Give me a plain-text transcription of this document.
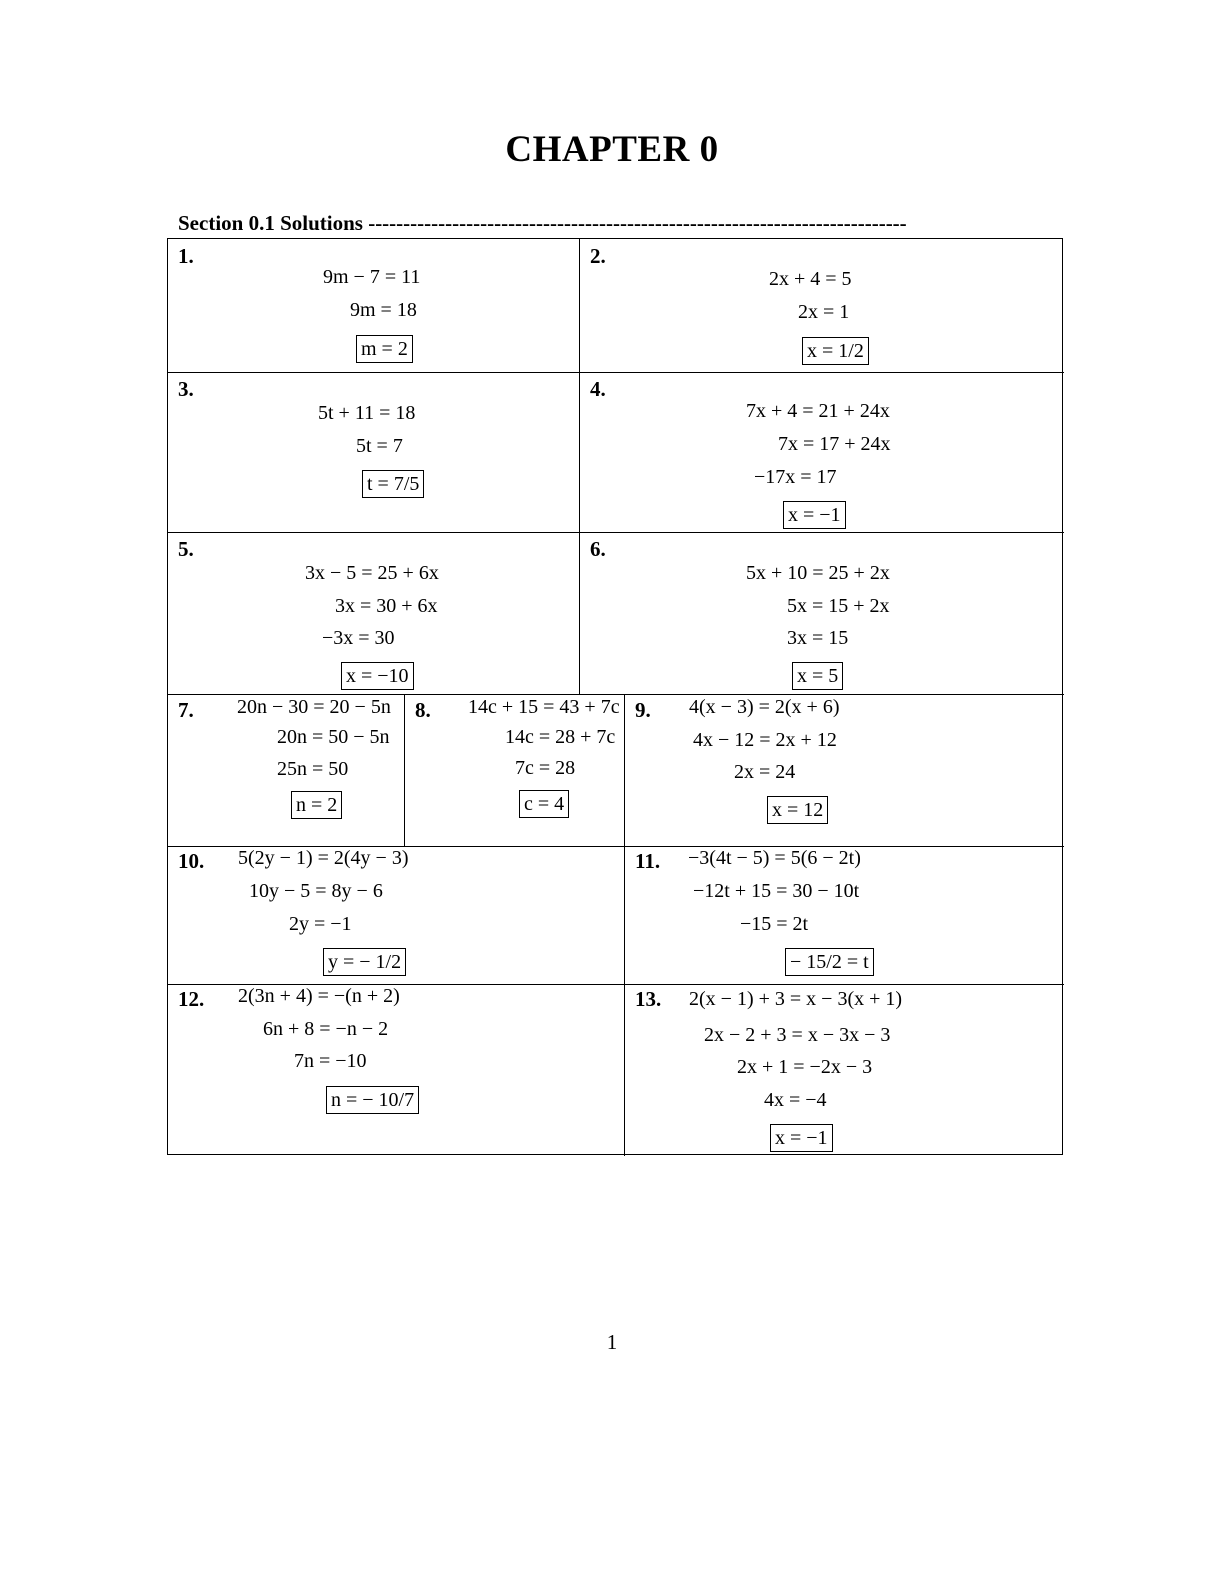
CHAPTER 0
Section 0.1 Solutions -----------------------------------------------------------------------------
1.
9m − 7 = 11
9m = 18
m = 2
2.
2x + 4 = 5
2x = 1
x = 1/2
3.
5t + 11 = 18
5t = 7
t = 7/5
4.
7x + 4 = 21 + 24x
7x = 17 + 24x
−17x = 17
x = −1
5.
3x − 5 = 25 + 6x
3x = 30 + 6x
−3x = 30
x = −10
6.
5x + 10 = 25 + 2x
5x = 15 + 2x
3x = 15
x = 5
7. 20n − 30 = 20 − 5n
20n = 50 − 5n
25n = 50
n = 2
8. 14c + 15 = 43 + 7c
14c = 28 + 7c
7c = 28
c = 4
9. 4(x − 3) = 2(x + 6)
4x − 12 = 2x + 12
2x = 24
x = 12
10. 5(2y − 1) = 2(4y − 3)
10y − 5 = 8y − 6
2y = −1
y = − 1/2
11. −3(4t − 5) = 5(6 − 2t)
−12t + 15 = 30 − 10t
−15 = 2t
− 15/2 = t
12. 2(3n + 4) = −(n + 2)
6n + 8 = −n − 2
7n = −10
n = − 10/7
13. 2(x − 1) + 3 = x − 3(x + 1)
2x − 2 + 3 = x − 3x − 3
2x + 1 = −2x − 3
4x = −4
x = −1
1
